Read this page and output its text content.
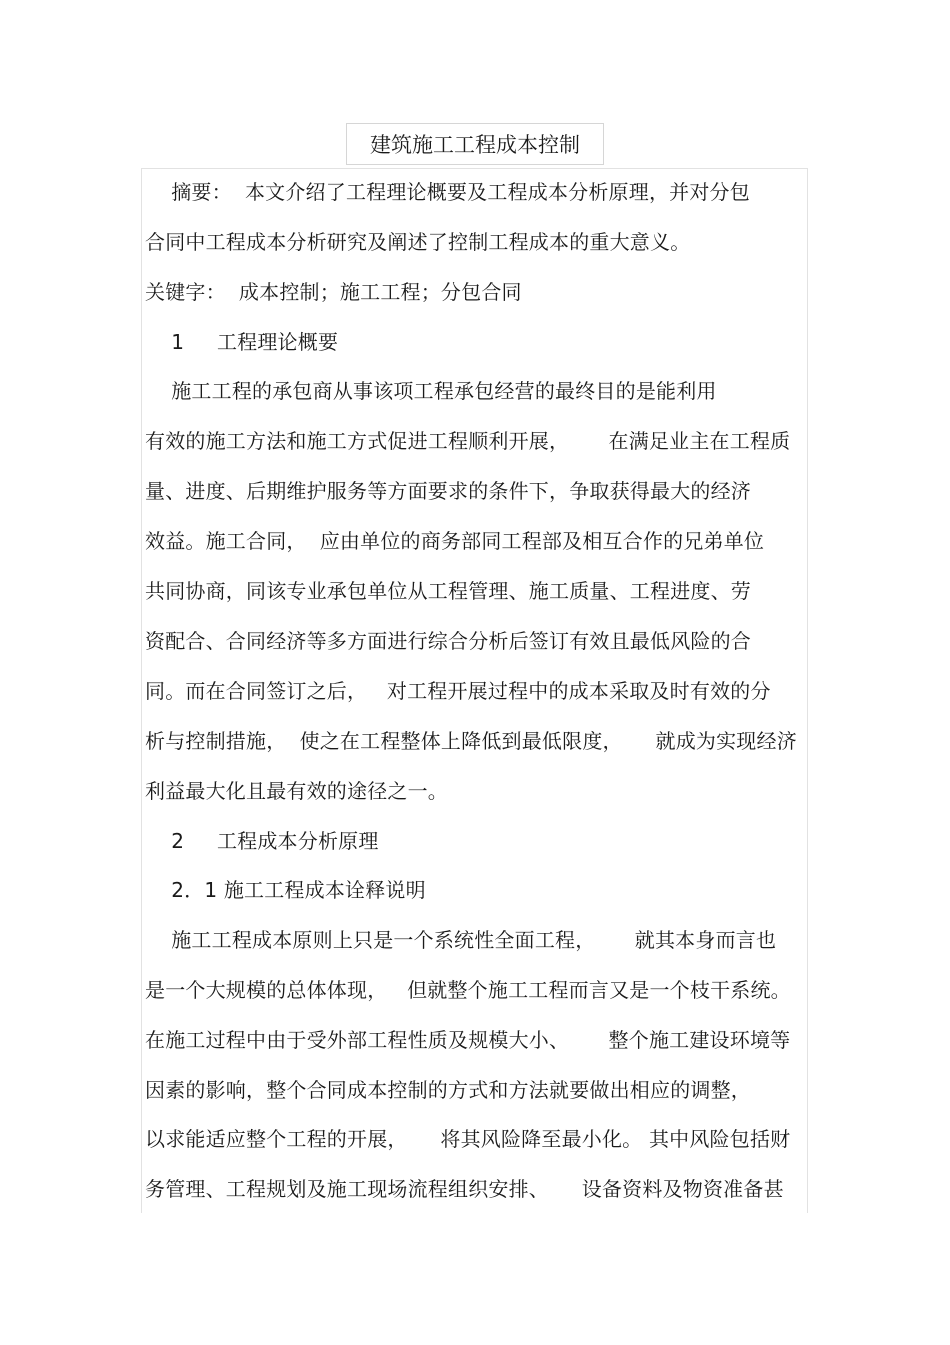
建筑施工工程成本控制
摘要：  本文介绍了工程理论概要及工程成本分析原理，并对分包
合同中工程成本分析研究及阐述了控制工程成本的重大意义。
关键字：  成本控制；施工工程；分包合同
1     工程理论概要
施工工程的承包商从事该项工程承包经营的最终目的是能利用
有效的施工方法和施工方式促进工程顺利开展，      在满足业主在工程质
量、进度、后期维护服务等方面要求的条件下，争取获得最大的经济
效益。施工合同，  应由单位的商务部同工程部及相互合作的兄弟单位
共同协商，同该专业承包单位从工程管理、施工质量、工程进度、劳
资配合、合同经济等多方面进行综合分析后签订有效且最低风险的合
同。而在合同签订之后，   对工程开展过程中的成本采取及时有效的分
析与控制措施，  使之在工程整体上降低到最低限度，     就成为实现经济
利益最大化且最有效的途径之一。
2     工程成本分析原理
2．1 施工工程成本诠释说明
施工工程成本原则上只是一个系统性全面工程，      就其本身而言也
是一个大规模的总体体现，   但就整个施工工程而言又是一个枝干系统。
在施工过程中由于受外部工程性质及规模大小、      整个施工建设环境等
因素的影响，整个合同成本控制的方式和方法就要做出相应的调整，
以求能适应整个工程的开展，     将其风险降至最小化。 其中风险包括财
务管理、工程规划及施工现场流程组织安排、     设备资料及物资准备甚
